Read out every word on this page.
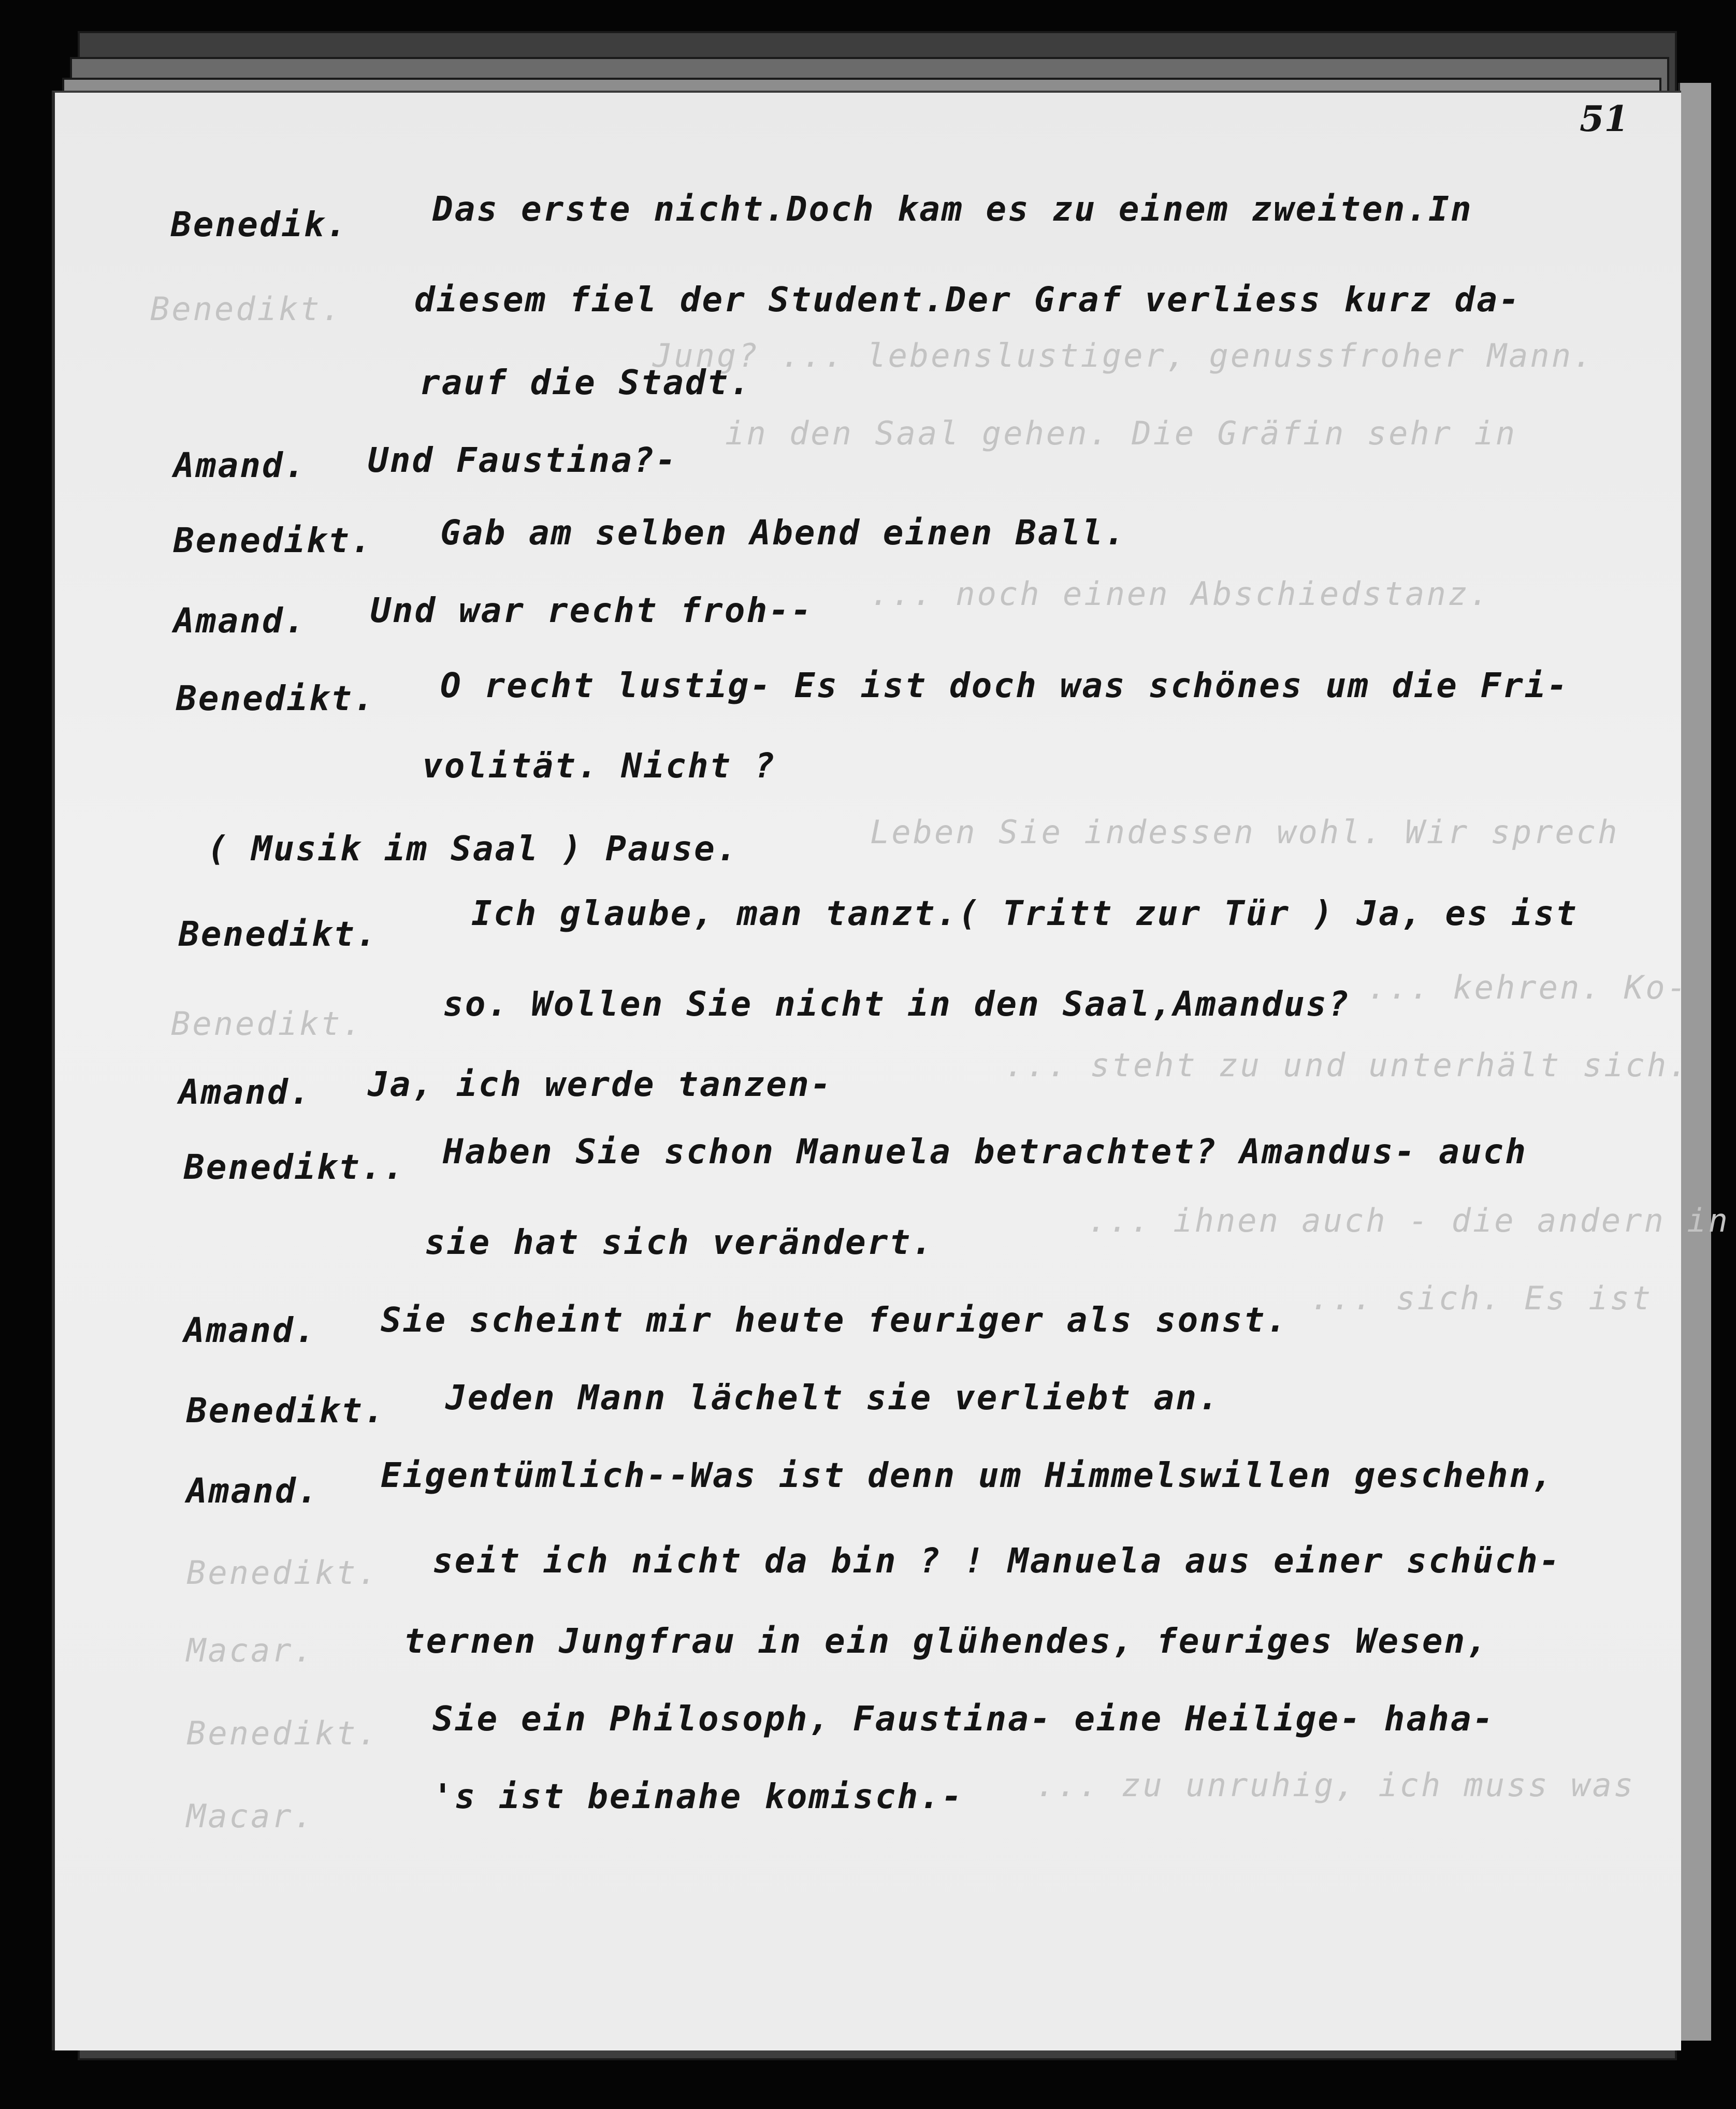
Benedikt.
Jung? ... lebenslustiger, genussfroher Mann.
in den Saal gehen. Die Gräfin sehr in
... noch einen Abschiedstanz.
Leben Sie indessen wohl. Wir sprech
Benedikt.
... kehren. Ko-
... steht zu und unterhält sich.
... ihnen auch - die andern in
... sich. Es ist
Benedikt.
Macar.
Benedikt.
Macar.
... zu unruhig, ich muss was
51
Benedik. Das erste nicht.Doch kam es zu einem zweiten.In
diesem fiel der Student.Der Graf verliess kurz da-
rauf die Stadt.
Amand. Und Faustina?-
Benedikt. Gab am selben Abend einen Ball.
Amand. Und war recht froh--
Benedikt. O recht lustig- Es ist doch was schönes um die Fri-
volität. Nicht ?
( Musik im Saal ) Pause.
Benedikt.
Ich glaube, man tanzt.( Tritt zur Tür ) Ja, es ist
so. Wollen Sie nicht in den Saal,Amandus?
Amand. Ja, ich werde tanzen-
Benedikt.. Haben Sie schon Manuela betrachtet? Amandus- auch
sie hat sich verändert.
Amand. Sie scheint mir heute feuriger als sonst.
Benedikt. Jeden Mann lächelt sie verliebt an.
Amand. Eigentümlich--Was ist denn um Himmelswillen geschehn,
seit ich nicht da bin ? ! Manuela aus einer schüch-
ternen Jungfrau in ein glühendes, feuriges Wesen,
Sie ein Philosoph, Faustina- eine Heilige- haha-
's ist beinahe komisch.-
